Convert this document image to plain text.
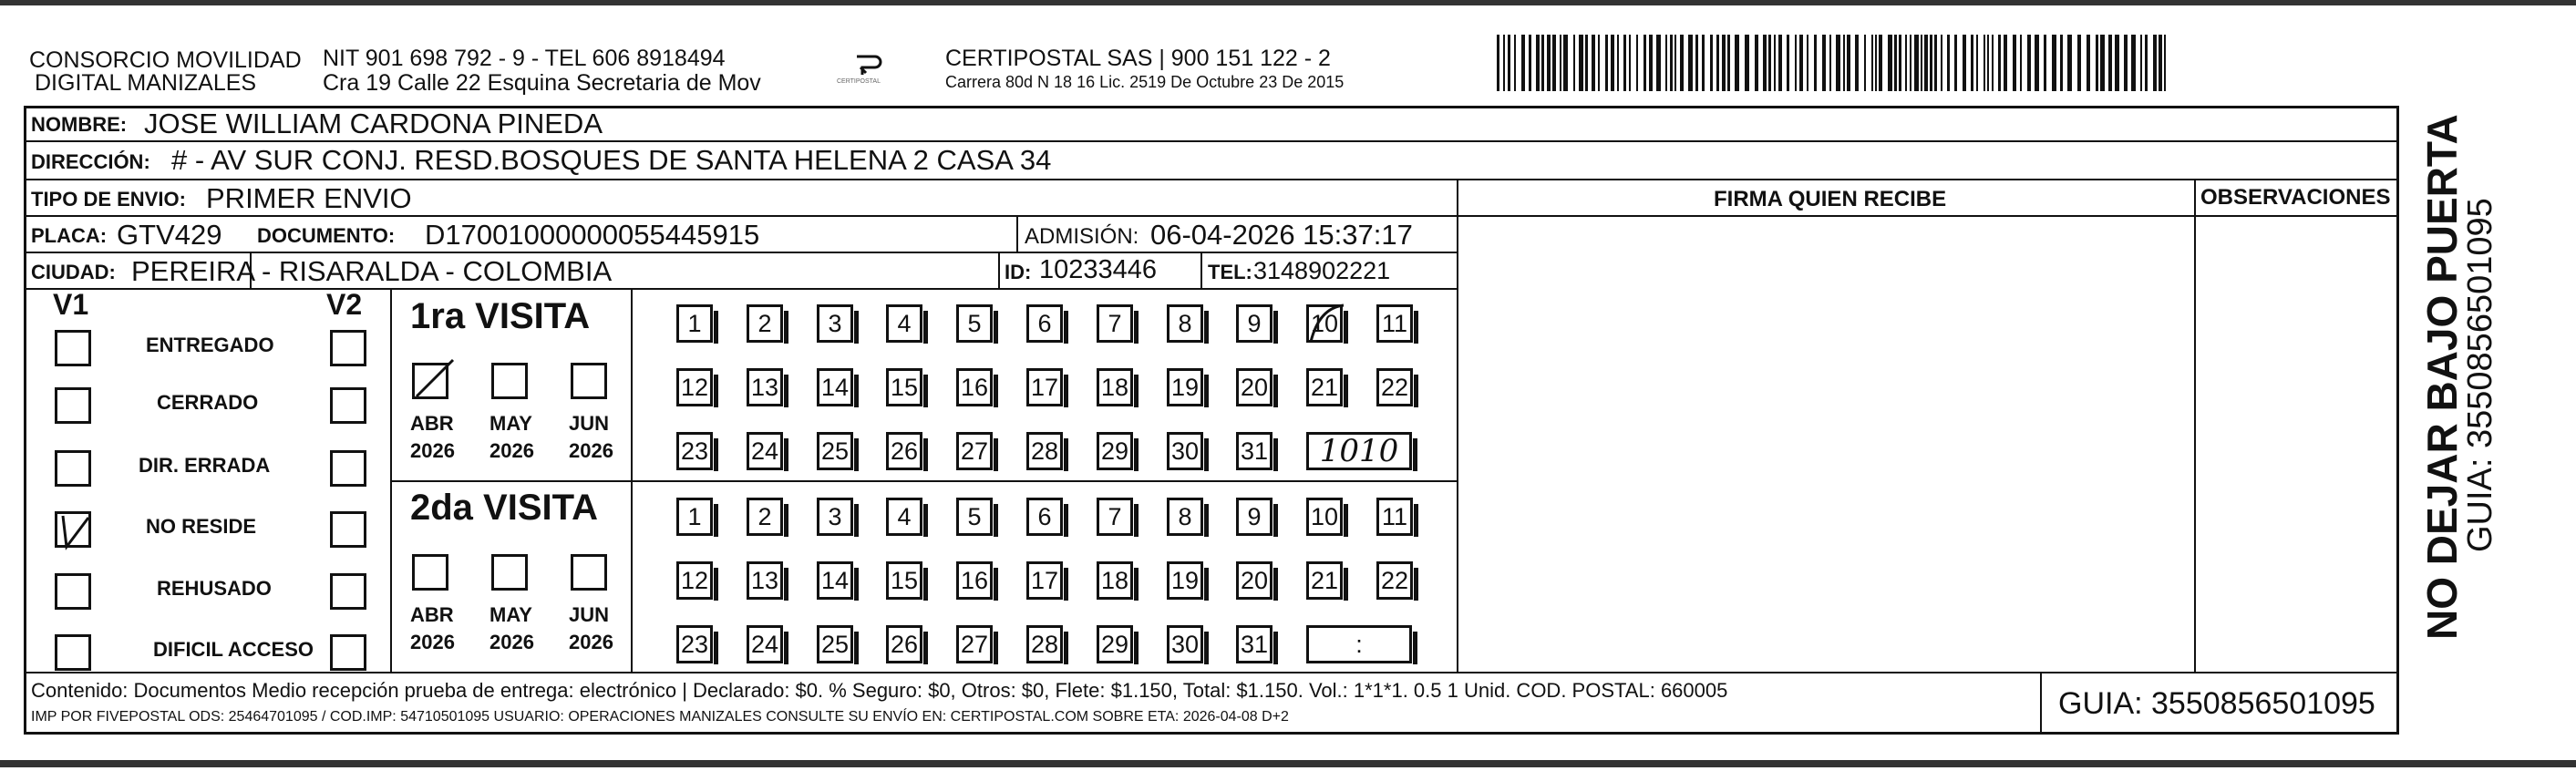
CONSORCIO MOVILIDAD
DIGITAL MANIZALES
NIT 901 698 792 - 9 - TEL 606 8918494
Cra 19 Calle 22 Esquina Secretaria de Mov	CERTIPOSTAL
CERTIPOSTAL SAS | 900 151 122 - 2
Carrera 80d N 18 16 Lic. 2519 De Octubre 23 De 2015
NOMBRE: JOSE WILLIAM CARDONA PINEDA
DIRECCIÓN: # - AV SUR CONJ. RESD.BOSQUES DE SANTA HELENA 2 CASA 34
TIPO DE ENVIO: PRIMER ENVIO	FIRMA QUIEN RECIBE	OBSERVACIONES
PLACA: GTV429 DOCUMENTO: D17001000000055445915	ADMISIÓN: 06-04-2026 15:37:17
CIUDAD: PEREIRA - RISARALDA - COLOMBIA	ID: 10233446	TEL: 3148902221
V1	V2
ENTREGADO
CERRADO
DIR. ERRADA
NO RESIDE
REHUSADO
DIFICIL ACCESO
1ra VISITA
2da VISITA
ABR
2026
MAY
2026
JUN
2026
ABR
2026
MAY
2026
JUN
2026
1	2	3	4	5	6	7	8	9	10 11
12 13 14 15 16 17 18 19 20 21 22
23 24 25 26 27 28 29 30 31	1010
1	2	3	4	5	6	7	8	9	10 11
12 13 14 15 16 17 18 19 20 21 22
23 24 25 26 27 28 29 30 31	:
Contenido: Documentos Medio recepción prueba de entrega: electrónico | Declarado: $0. % Seguro: $0, Otros: $0, Flete: $1.150, Total: $1.150. Vol.: 1*1*1. 0.5 1 Unid. COD. POSTAL: 660005
IMP POR FIVEPOSTAL ODS: 25464701095 / COD.IMP: 54710501095 USUARIO: OPERACIONES MANIZALES CONSULTE SU ENVÍO EN: CERTIPOSTAL.COM SOBRE ETA: 2026-04-08 D+2	GUIA: 3550856501095
NO DEJAR BAJO PUERTA
GUIA: 3550856501095
